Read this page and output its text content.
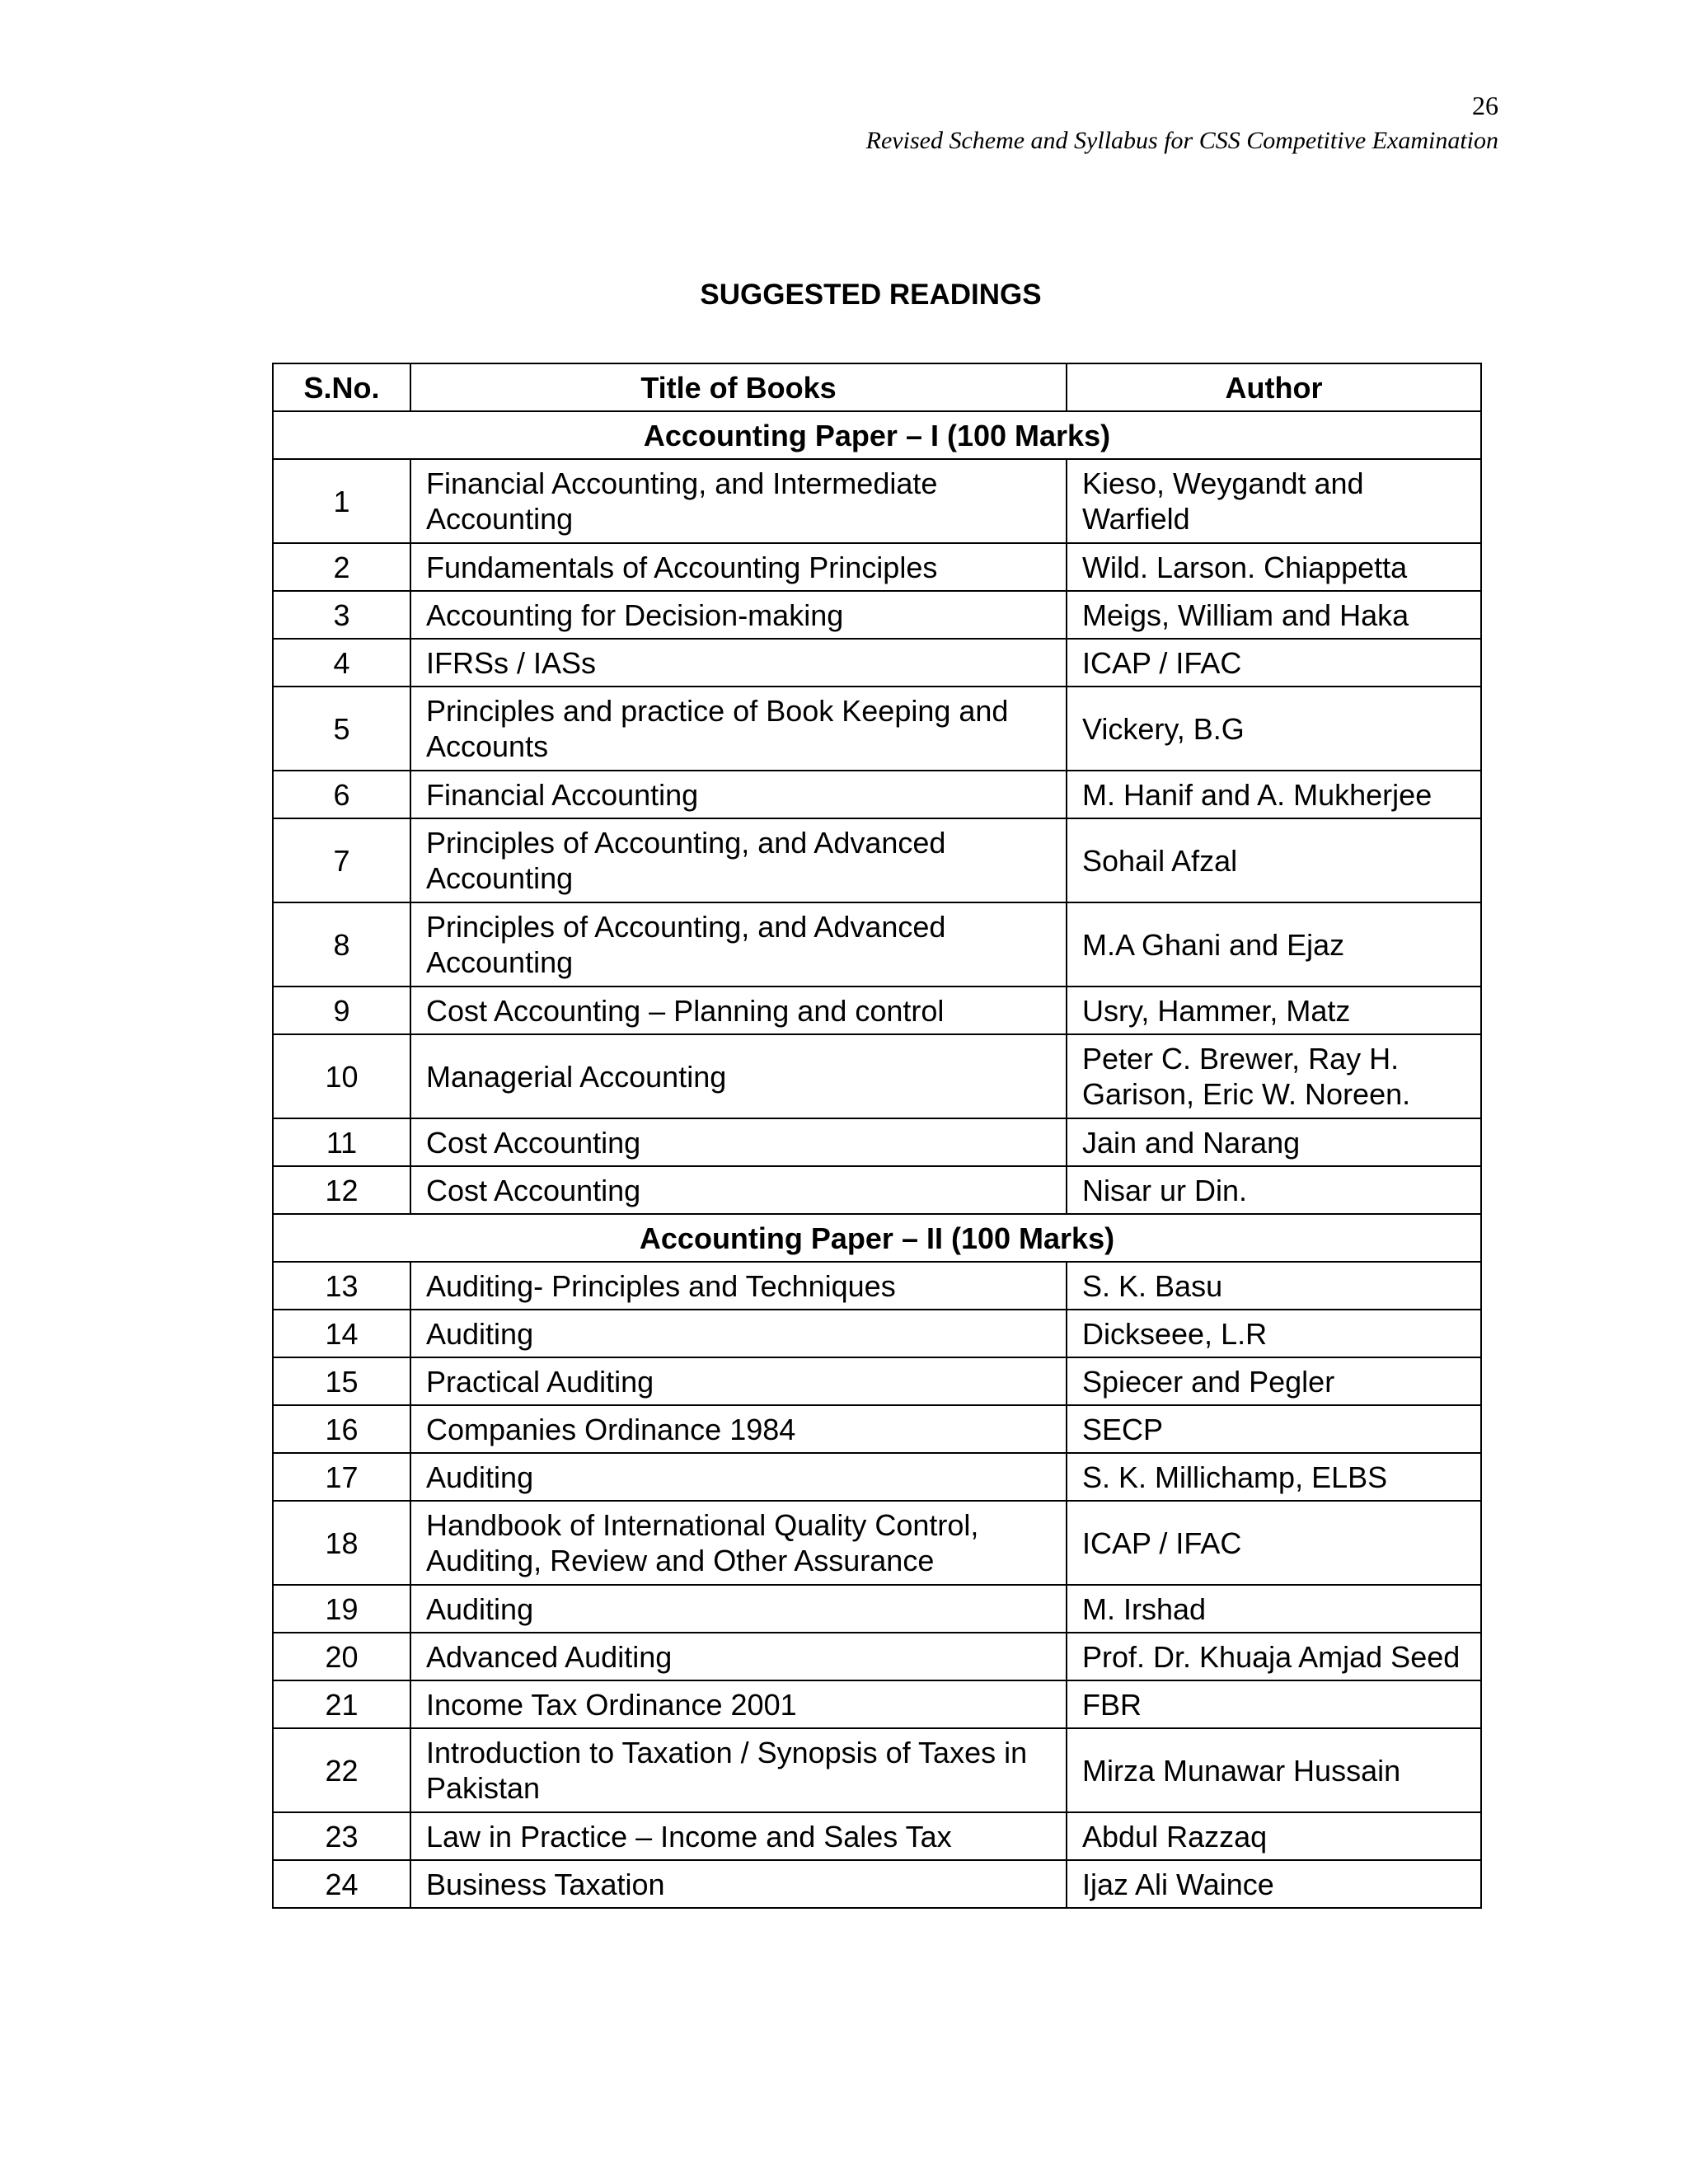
26
Revised Scheme and Syllabus for CSS Competitive Examination
SUGGESTED READINGS
S.No.	Title of Books	Author
Accounting Paper – I (100 Marks)		
1	Financial Accounting, and Intermediate Accounting	Kieso, Weygandt and Warfield
2	Fundamentals of Accounting Principles	Wild. Larson. Chiappetta
3	Accounting for Decision-making	Meigs, William and Haka
4	IFRSs / IASs	ICAP / IFAC
5	Principles and practice of Book Keeping and Accounts	Vickery, B.G
6	Financial Accounting	M. Hanif and A. Mukherjee
7	Principles of Accounting, and Advanced Accounting	Sohail Afzal
8	Principles of Accounting, and Advanced Accounting	M.A Ghani and Ejaz
9	Cost Accounting – Planning and control	Usry, Hammer, Matz
10	Managerial Accounting	Peter C. Brewer, Ray H. Garison, Eric W. Noreen.
11	Cost Accounting	Jain and Narang
12	Cost Accounting	Nisar ur Din.
Accounting Paper – II (100 Marks)		
13	Auditing- Principles and Techniques	S. K. Basu
14	Auditing	Dickseee, L.R
15	Practical Auditing	Spiecer and Pegler
16	Companies Ordinance 1984	SECP
17	Auditing	S. K. Millichamp, ELBS
18	Handbook of International Quality Control, Auditing, Review and Other Assurance	ICAP / IFAC
19	Auditing	M. Irshad
20	Advanced Auditing	Prof. Dr. Khuaja Amjad Seed
21	Income Tax Ordinance 2001	FBR
22	Introduction to Taxation / Synopsis of Taxes in Pakistan	Mirza Munawar Hussain
23	Law in Practice – Income and Sales Tax	Abdul Razzaq
24	Business Taxation	Ijaz Ali Waince
